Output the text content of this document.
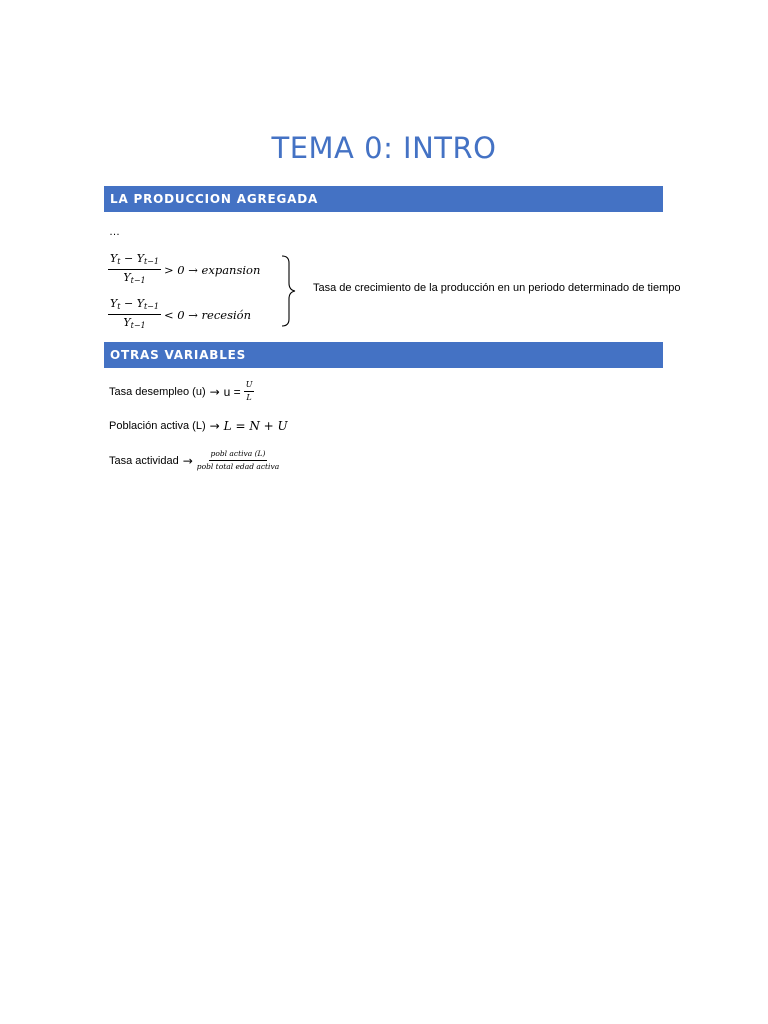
TEMA 0: INTRO
LA PRODUCCION AGREGADA
…
$\frac{Y_t - Y_{t-1}}{Y_{t-1}} > 0$ → expansion
$\frac{Y_t - Y_{t-1}}{Y_{t-1}} < 0$ → recesión
Tasa de crecimiento de la producción en un periodo determinado de tiempo
OTRAS VARIABLES
Tasa desempleo $(u) \to u = \frac{U}{L}$
Población activa (L) → L = N + U
Tasa actividad → $\frac{\text{pobl activa (L)}}{\text{pobl total edad activa}}$
